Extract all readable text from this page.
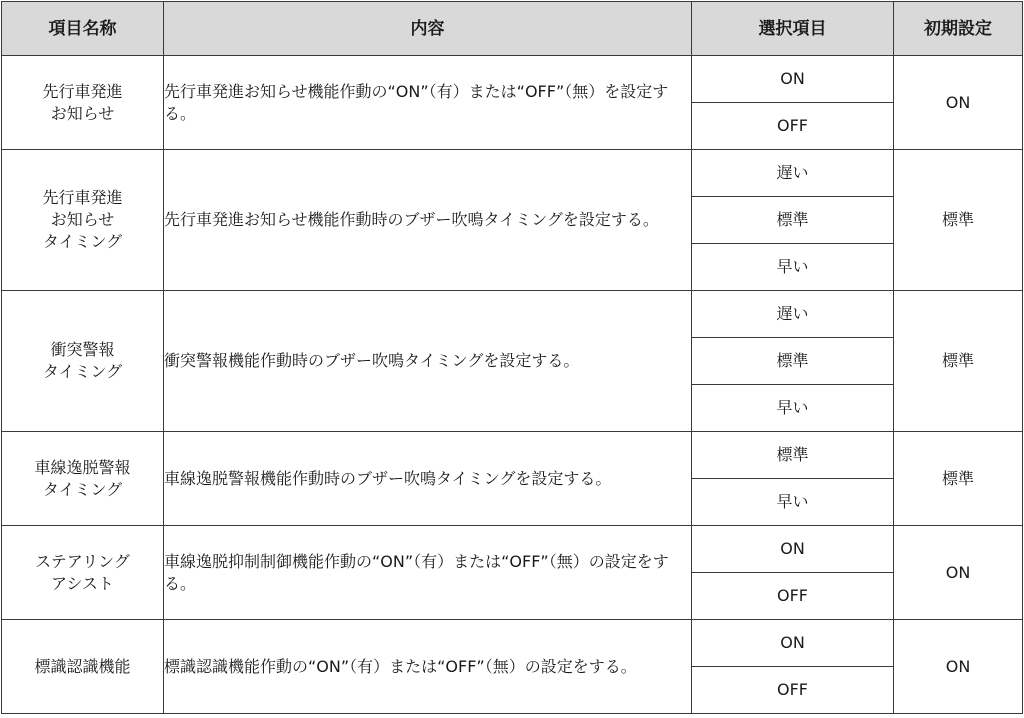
項目名称	内容	選択項目	初期設定
先行車発進
お知らせ	先行車発進お知らせ機能作動の“ON”（有）または“OFF”（無）を設定する。	ON	ON
		OFF	
先行車発進
お知らせ
タイミング	先行車発進お知らせ機能作動時のブザー吹鳴タイミングを設定する。	遅い	標準
		標準	
		早い	
衝突警報
タイミング	衝突警報機能作動時のブザー吹鳴タイミングを設定する。	遅い	標準
		標準	
		早い	
車線逸脱警報
タイミング	車線逸脱警報機能作動時のブザー吹鳴タイミングを設定する。	標準	標準
		早い	
ステアリング
アシスト	車線逸脱抑制制御機能作動の“ON”（有）または“OFF”（無）の設定をする。	ON	ON
		OFF	
標識認識機能	標識認識機能作動の“ON”（有）または“OFF”（無）の設定をする。	ON	ON
		OFF	
